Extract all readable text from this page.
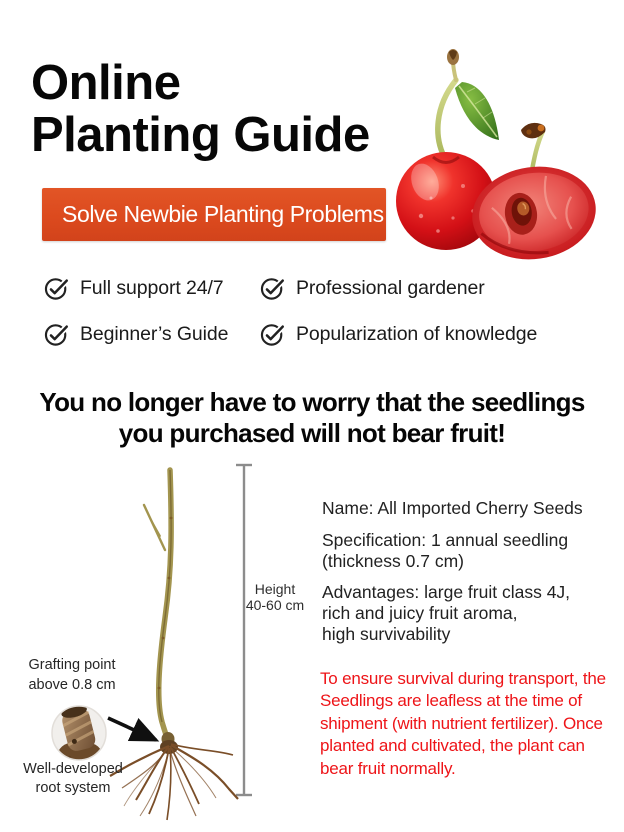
Online
Planting Guide
Solve Newbie Planting Problems
Full support 24/7	Professional gardener
Beginner’s Guide	Popularization of knowledge
You no longer have to worry that the seedlings
you purchased will not bear fruit!
Height
40-60 cm
Grafting point
above 0.8 cm
Well-developed
root system
Name: All Imported Cherry Seeds
Specification: 1 annual seedling
(thickness 0.7 cm)
Advantages: large fruit class 4J,
rich and juicy fruit aroma,
high survivability
To ensure survival during transport, the
Seedlings are leafless at the time of
shipment (with nutrient fertilizer). Once
planted and cultivated, the plant can
bear fruit normally.
